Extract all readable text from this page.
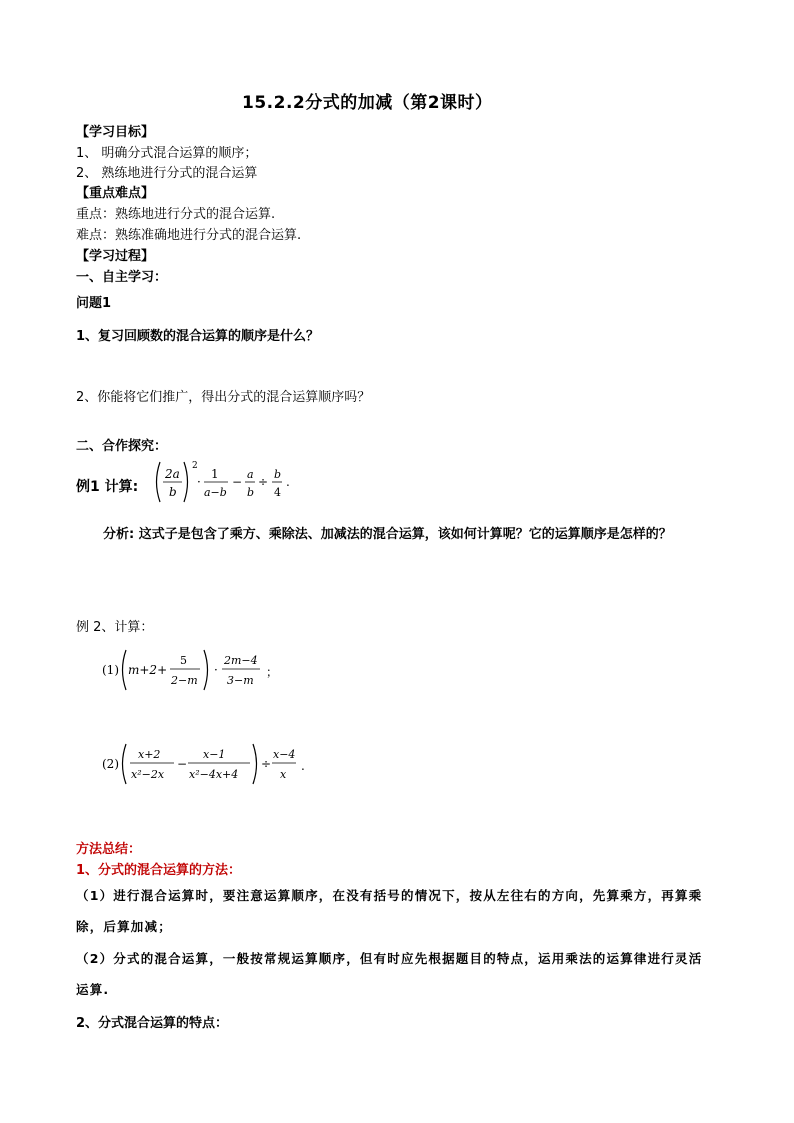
15.2.2分式的加减（第2课时）
【学习目标】
1、 明确分式混合运算的顺序；
2、 熟练地进行分式的混合运算
【重点难点】
重点：熟练地进行分式的混合运算.
难点：熟练准确地进行分式的混合运算.
【学习过程】
一、自主学习：
问题1
1、复习回顾数的混合运算的顺序是什么？
2、你能将它们推广，得出分式的混合运算顺序吗？
二、合作探究：
例1 计算:
2a
b
2
·
1
a−b
−
a
b
÷
b
4
.
分析: 这式子是包含了乘方、乘除法、加减法的混合运算，该如何计算呢？它的运算顺序是怎样的？
例 2、计算：
(1) m+2+
5
2−m
·
2m−4
3−m
；
(2)
x+2
x²−2x
−
x−1
x²−4x+4
÷
x−4
x
.
方法总结：
1、分式的混合运算的方法：
（1）进行混合运算时，要注意运算顺序，在没有括号的情况下，按从左往右的方向，先算乘方，再算乘
除，后算加减；
（2）分式的混合运算，一般按常规运算顺序，但有时应先根据题目的特点，运用乘法的运算律进行灵活
运算.
2、分式混合运算的特点：
